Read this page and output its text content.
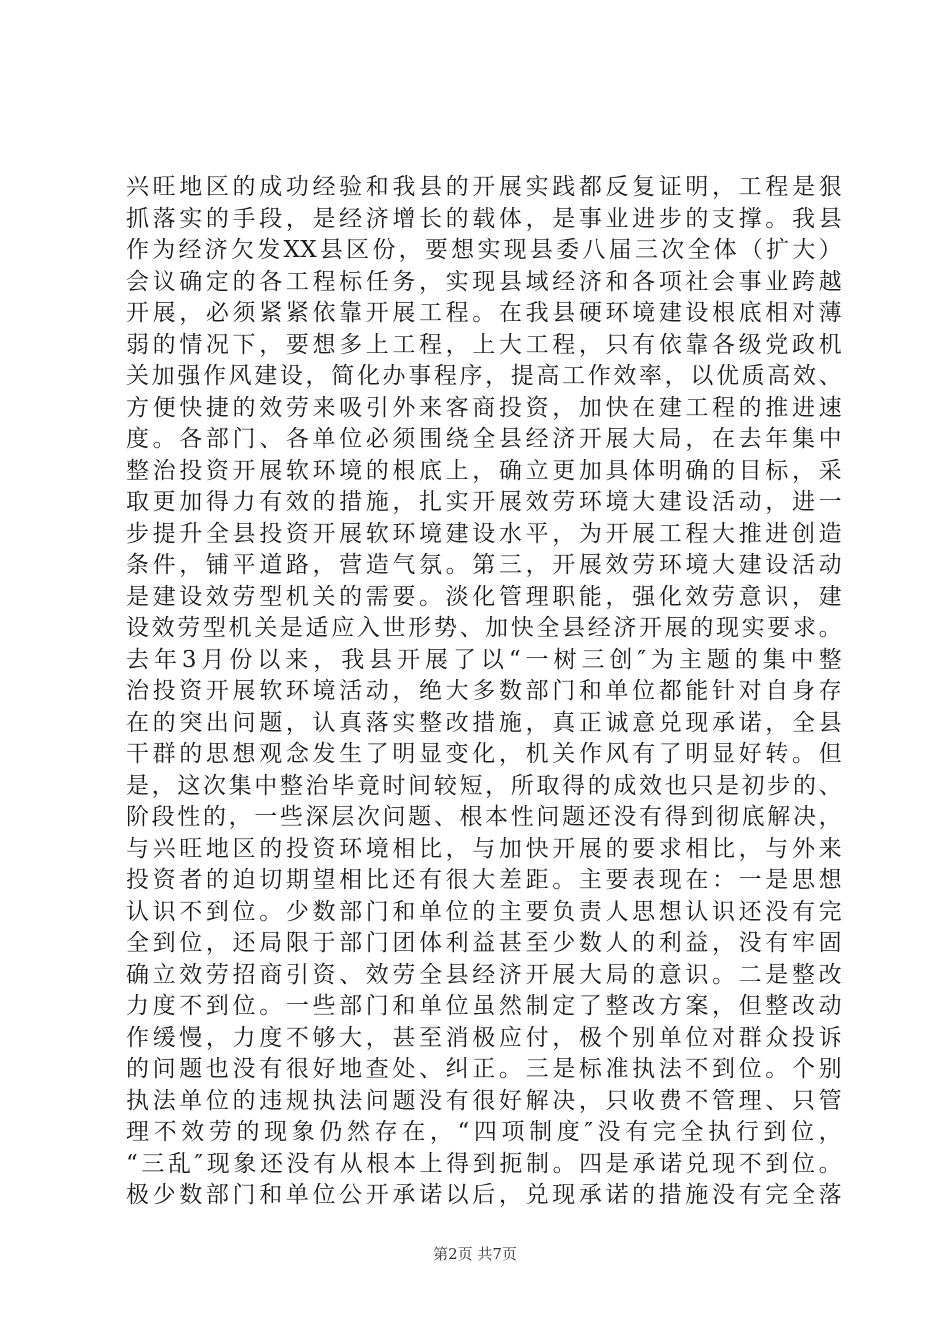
兴旺地区的成功经验和我县的开展实践都反复证明，工程是狠
抓落实的手段，是经济增长的载体，是事业进步的支撑。我县
作为经济欠发XX县区份，要想实现县委八届三次全体（扩大）
会议确定的各工程标任务，实现县域经济和各项社会事业跨越
开展，必须紧紧依靠开展工程。在我县硬环境建设根底相对薄
弱的情况下，要想多上工程，上大工程，只有依靠各级党政机
关加强作风建设，简化办事程序，提高工作效率，以优质高效、
方便快捷的效劳来吸引外来客商投资，加快在建工程的推进速
度。各部门、各单位必须围绕全县经济开展大局，在去年集中
整治投资开展软环境的根底上，确立更加具体明确的目标，采
取更加得力有效的措施，扎实开展效劳环境大建设活动，进一
步提升全县投资开展软环境建设水平，为开展工程大推进创造
条件，铺平道路，营造气氛。第三，开展效劳环境大建设活动
是建设效劳型机关的需要。淡化管理职能，强化效劳意识，建
设效劳型机关是适应入世形势、加快全县经济开展的现实要求。
去年3月份以来，我县开展了以“一树三创″为主题的集中整
治投资开展软环境活动，绝大多数部门和单位都能针对自身存
在的突出问题，认真落实整改措施，真正诚意兑现承诺，全县
干群的思想观念发生了明显变化，机关作风有了明显好转。但
是，这次集中整治毕竟时间较短，所取得的成效也只是初步的、
阶段性的，一些深层次问题、根本性问题还没有得到彻底解决，
与兴旺地区的投资环境相比，与加快开展的要求相比，与外来
投资者的迫切期望相比还有很大差距。主要表现在：一是思想
认识不到位。少数部门和单位的主要负责人思想认识还没有完
全到位，还局限于部门团体利益甚至少数人的利益，没有牢固
确立效劳招商引资、效劳全县经济开展大局的意识。二是整改
力度不到位。一些部门和单位虽然制定了整改方案，但整改动
作缓慢，力度不够大，甚至消极应付，极个别单位对群众投诉
的问题也没有很好地查处、纠正。三是标准执法不到位。个别
执法单位的违规执法问题没有很好解决，只收费不管理、只管
理不效劳的现象仍然存在，“四项制度″没有完全执行到位，
“三乱″现象还没有从根本上得到扼制。四是承诺兑现不到位。
极少数部门和单位公开承诺以后，兑现承诺的措施没有完全落
第2页 共7页
